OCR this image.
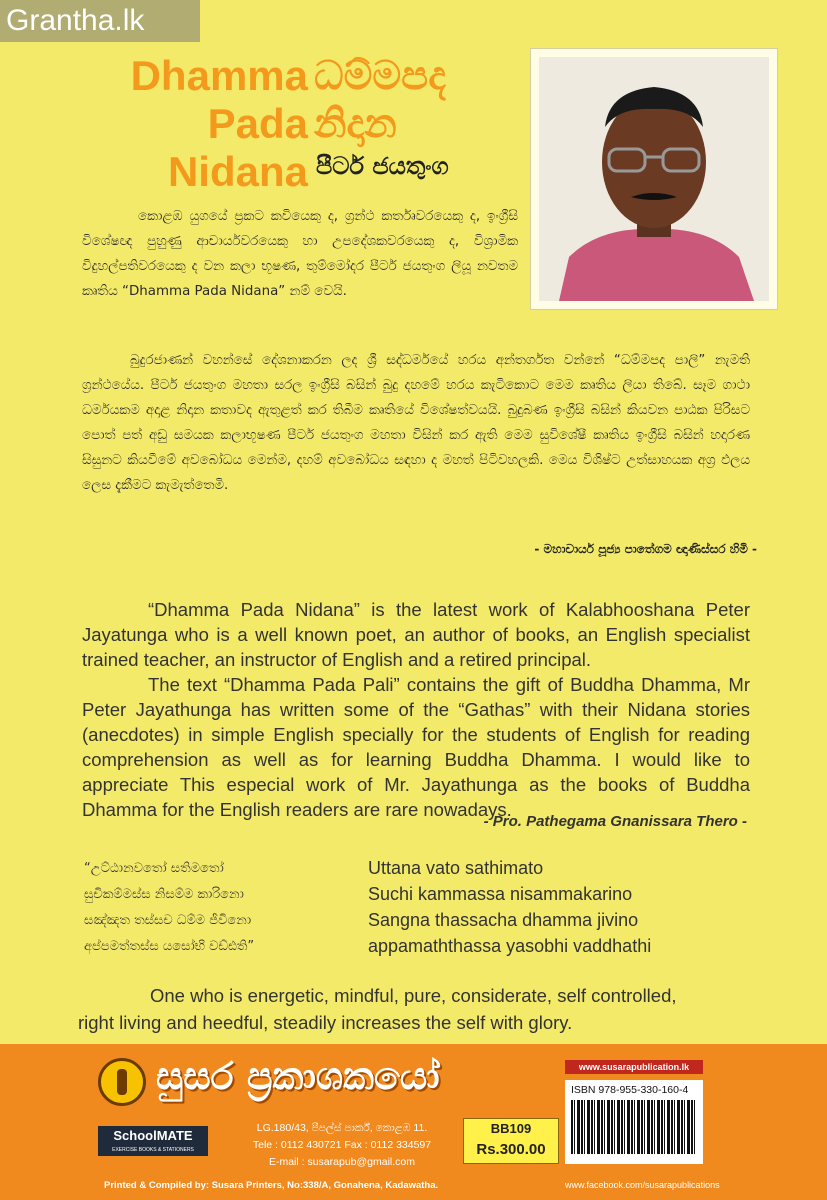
Grantha.lk
Dhamma
Pada
Nidana
ධම්මපද
නිදාන
පීටර් ජයතුංග
කොළඹ යුගයේ ප්‍රකට කවියෙකු ද, ග්‍රන්ථ කර්තෘවරයෙකු ද, ඉංග්‍රීසි විශේෂඥ පුහුණු ආචාර්යවරයෙකු හා උපදේශකවරයෙකු ද, විශ්‍රාමික විදුහල්පතිවරයෙකු ද වන කලා භූෂණ, තුම්මෝදර පීටර් ජයතුංග ලියූ නවතම කෘතිය “Dhamma Pada Nidana” නම් වෙයි.
බුදුරජාණන් වහන්සේ දේශනාකරන ලද ශ්‍රී සද්ධර්මයේ හරය අන්තර්ගත වන්නේ “ධම්මපද පාලි” නැමති ග්‍රන්ථයේය. පීටර් ජයතුංග මහතා සරල ඉංග්‍රීසි බසින් බුදු දහමේ හරය කැටිකොට මෙම කෘතිය ලියා තිබේ. සෑම ගාථා ධර්මයකම අදාළ නිදාන කතාවද ඇතුළත් කර තිබීම කෘතියේ විශේෂත්වයයි. බුදුබණ ඉංග්‍රීසි බසින් කියවන පාඨක පිරිසට පොත් පත් අඩු සමයක කලාභූෂණ පීටර් ජයතුංග මහතා විසින් කර ඇති මෙම සුවිශේෂී කෘතිය ඉංග්‍රීසි බසින් හදාරණ සිසුනට කියවීමේ අවබෝධය මෙන්ම, දහම් අවබෝධය සඳහා ද මහත් පිටිවහලකි. මෙය විශිෂ්ට උත්සාහයක අග්‍ර ඵලය ලෙස දැකීමට කැමැත්තෙමි.
- මහාචාර්ය පූජ්‍ය පාතේගම ඥාණිස්සර හිමි -
“Dhamma Pada Nidana” is the latest work of Kalabhooshana Peter Jayatunga who is a well known poet, an author of books, an English specialist trained teacher, an instructor of English and a retired principal.
The text “Dhamma Pada Pali” contains the gift of Buddha Dhamma, Mr Peter Jayathunga has written some of the “Gathas” with their Nidana stories (anecdotes) in simple English specially for the students of English for reading comprehension as well as for learning Buddha Dhamma. I would like to appreciate This especial work of Mr. Jayathunga as the books of Buddha Dhamma for the English readers are rare nowadays.
- Pro. Pathegama Gnanissara Thero -
“උට්ඨානවතෝ සතිමතෝ	Uttana vato sathimato
සුචිකම්මස්ස නිසම්ම කාරිනො	Suchi kammassa nisammakarino
සඤ්ඤත තස්සච ධම්ම ජීවිනො	Sangna thassacha dhamma jivino
අප්පමත්තස්ස යසෝභි වඩ්ඪති”	appamaththassa yasobhi vaddhathi
One who is energetic, mindful, pure, considerate, self controlled,
right living and heedful, steadily increases the self with glory.
සුසර ප්‍රකාශකයෝ
SchoolMATE
EXERCISE BOOKS & STATIONERS
LG.180/43, පීපල්ස් පාර්ක්, කොළඹ 11.
Tele : 0112 430721 Fax : 0112 334597
E-mail : susarapub@gmail.com
BB109
Rs.300.00
www.susarapublication.lk
ISBN 978-955-330-160-4
Printed & Compiled by: Susara Printers, No:338/A, Gonahena, Kadawatha.	www.facebook.com/susarapublications
